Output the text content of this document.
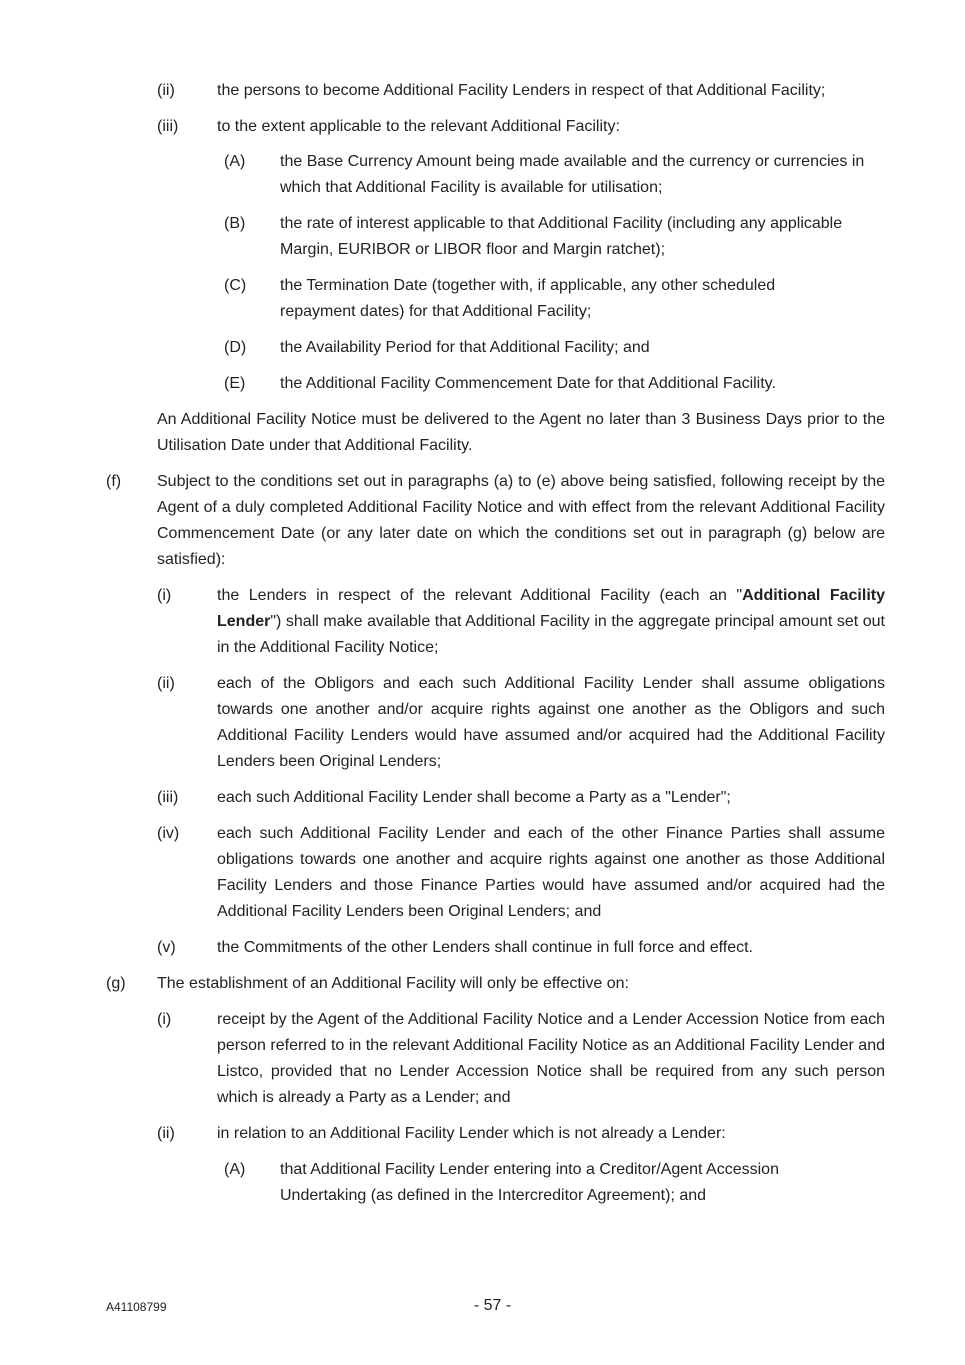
(ii)	the persons to become Additional Facility Lenders in respect of that Additional Facility;
(iii)	to the extent applicable to the relevant Additional Facility:
(A)	the Base Currency Amount being made available and the currency or currencies in which that Additional Facility is available for utilisation;
(B)	the rate of interest applicable to that Additional Facility (including any applicable Margin, EURIBOR or LIBOR floor and Margin ratchet);
(C)	the Termination Date (together with, if applicable, any other scheduled repayment dates) for that Additional Facility;
(D)	the Availability Period for that Additional Facility; and
(E)	the Additional Facility Commencement Date for that Additional Facility.
An Additional Facility Notice must be delivered to the Agent no later than 3 Business Days prior to the Utilisation Date under that Additional Facility.
(f)	Subject to the conditions set out in paragraphs (a) to (e) above being satisfied, following receipt by the Agent of a duly completed Additional Facility Notice and with effect from the relevant Additional Facility Commencement Date (or any later date on which the conditions set out in paragraph (g) below are satisfied):
(i)	the Lenders in respect of the relevant Additional Facility (each an "Additional Facility Lender") shall make available that Additional Facility in the aggregate principal amount set out in the Additional Facility Notice;
(ii)	each of the Obligors and each such Additional Facility Lender shall assume obligations towards one another and/or acquire rights against one another as the Obligors and such Additional Facility Lenders would have assumed and/or acquired had the Additional Facility Lenders been Original Lenders;
(iii)	each such Additional Facility Lender shall become a Party as a "Lender";
(iv)	each such Additional Facility Lender and each of the other Finance Parties shall assume obligations towards one another and acquire rights against one another as those Additional Facility Lenders and those Finance Parties would have assumed and/or acquired had the Additional Facility Lenders been Original Lenders; and
(v)	the Commitments of the other Lenders shall continue in full force and effect.
(g)	The establishment of an Additional Facility will only be effective on:
(i)	receipt by the Agent of the Additional Facility Notice and a Lender Accession Notice from each person referred to in the relevant Additional Facility Notice as an Additional Facility Lender and Listco, provided that no Lender Accession Notice shall be required from any such person which is already a Party as a Lender; and
(ii)	in relation to an Additional Facility Lender which is not already a Lender:
(A)	that Additional Facility Lender entering into a Creditor/Agent Accession Undertaking (as defined in the Intercreditor Agreement); and
A41108799	- 57 -
